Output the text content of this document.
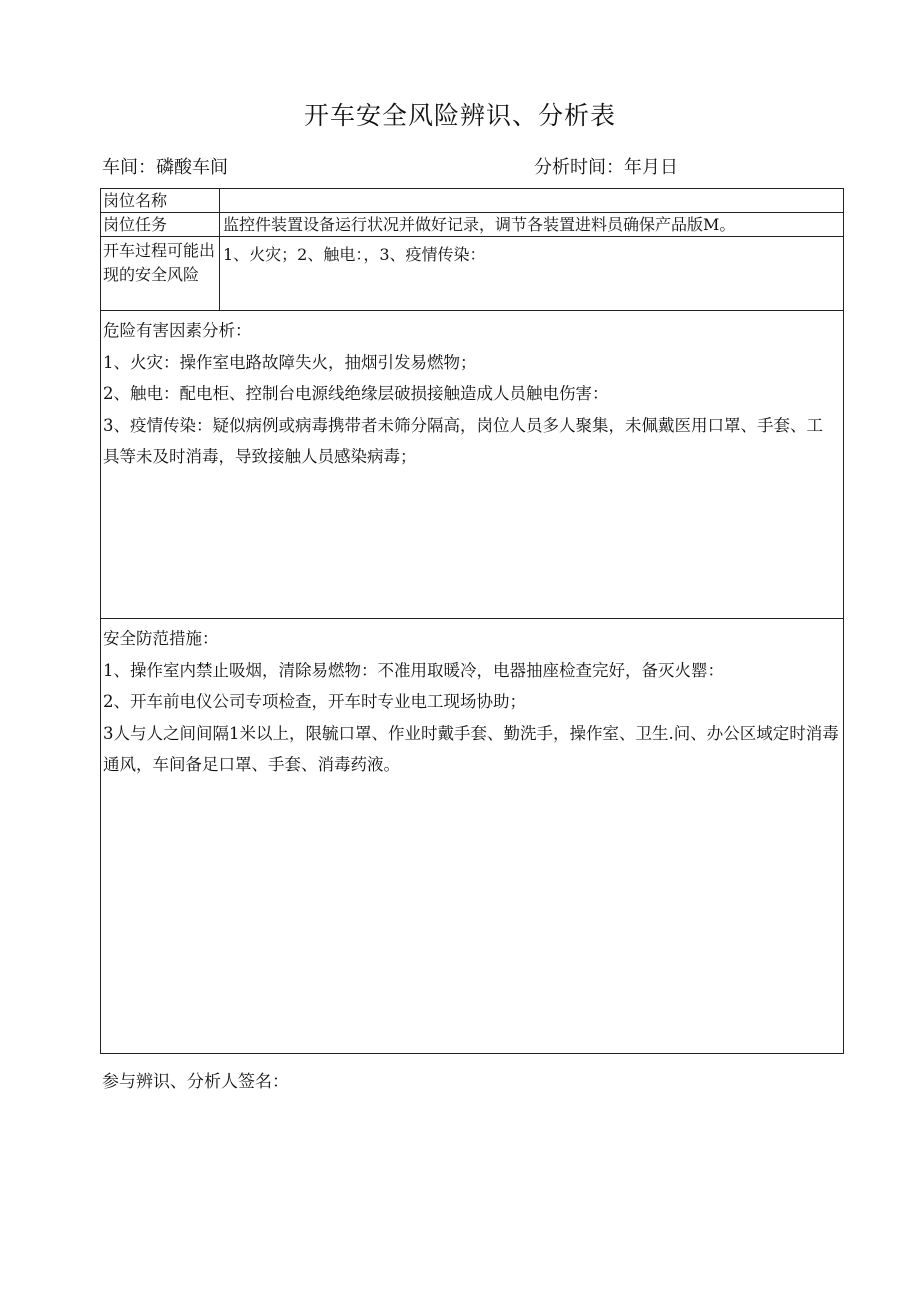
开车安全风险辨识、分析表
车间：磷酸车间	分析时间：年月日
岗位名称
岗位任务	监控件装置设备运行状况并做好记录，调节各装置进料员确保产品版M。
开车过程可能出现的安全风险
1、火灾；2、触电：，3、疫情传染：
危险有害因素分析：

1、火灾：操作室电路故障失火，抽烟引发易燃物；

2、触电：配电柜、控制台电源线绝缘层破损接触造成人员触电伤害：

3、疫情传染：疑似病例或病毒携带者未筛分隔高，岗位人员多人聚集，未佩戴医用口罩、手套、工具等未及时消毒，导致接触人员感染病毒；

安全防范措施：

1、操作室内禁止吸烟，清除易燃物：不准用取暖冷，电器抽座检查完好，备灭火罂：

2、开车前电仪公司专项检查，开车时专业电工现场协助；

3人与人之间间隔1米以上，限毓口罩、作业时戴手套、勤洗手，操作室、卫生.问、办公区域定时消毒通风，车间备足口罩、手套、消毒药液。

参与辨识、分析人签名：
